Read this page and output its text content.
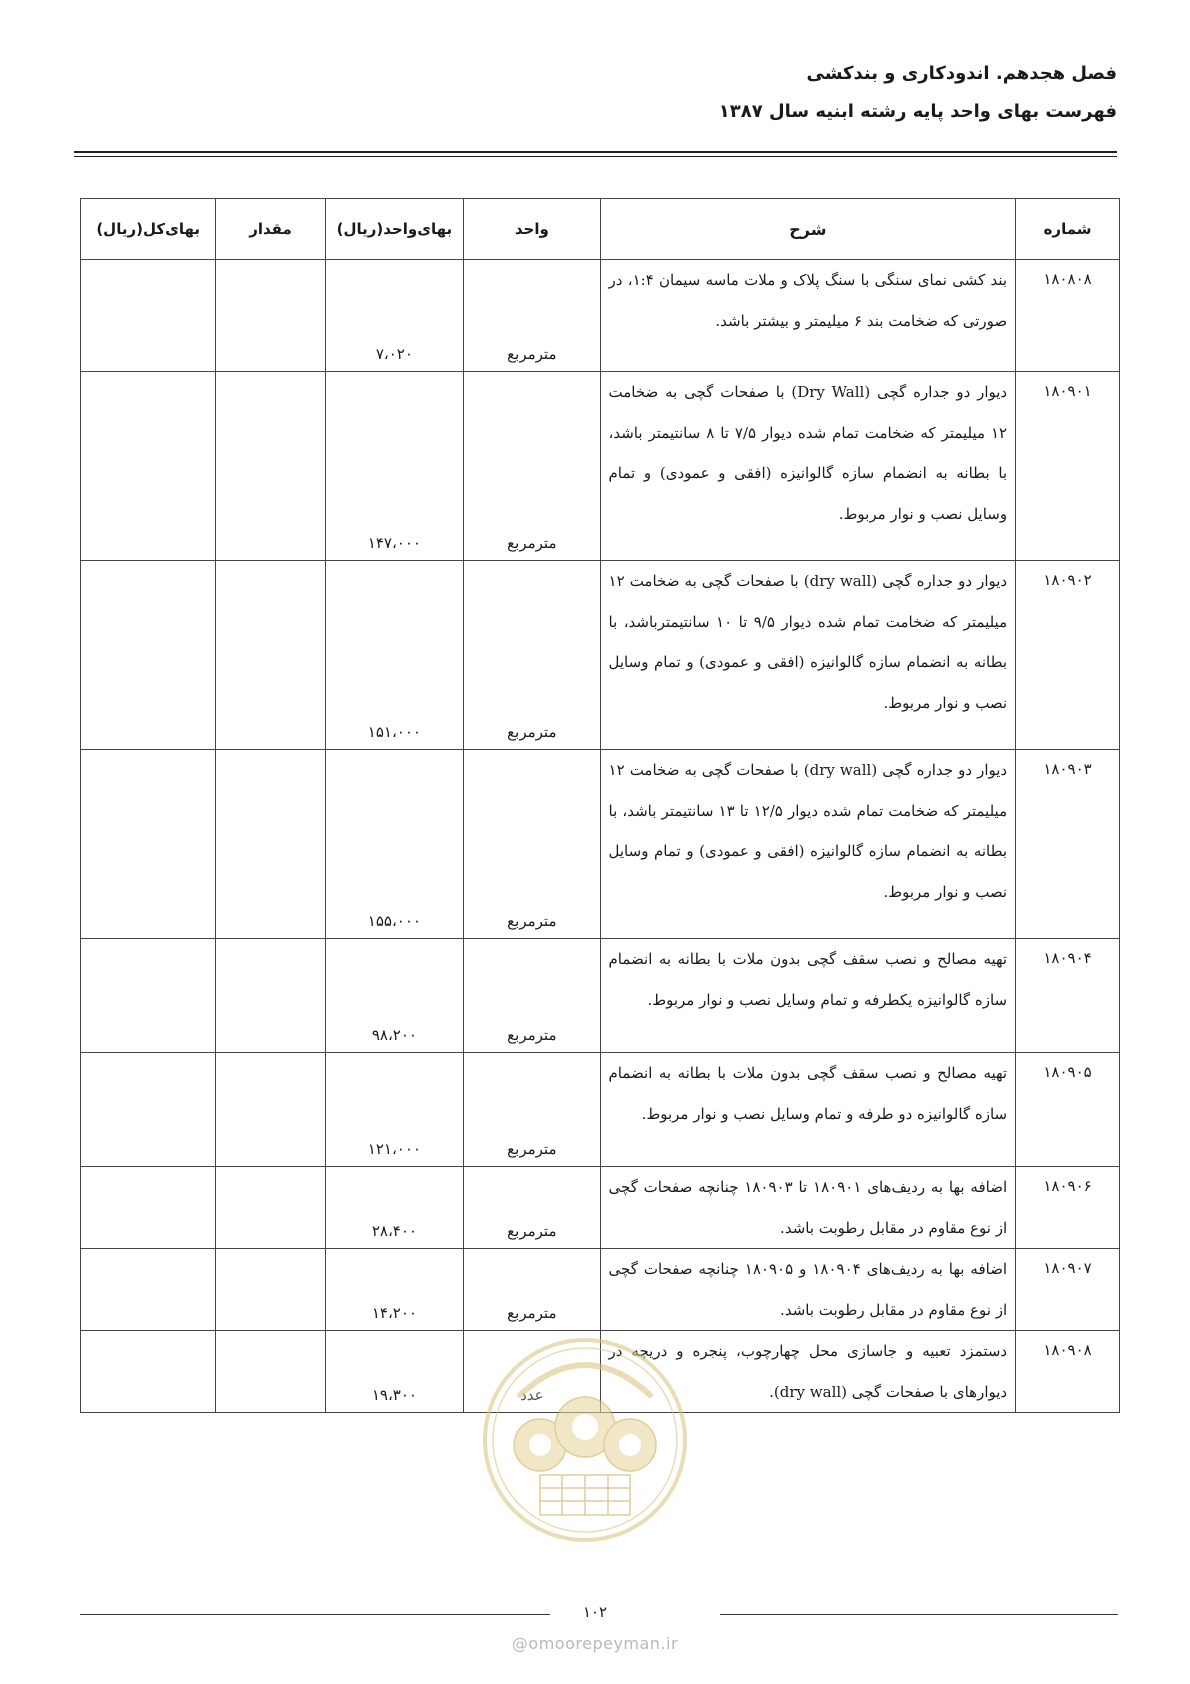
فصل هجدهم. اندودکاری و بندکشی
فهرست بهای واحد پایه رشته ابنیه سال ۱۳۸۷
شماره	شرح	واحد	بهای‌واحد(ریال)	مقدار	بهای‌کل(ریال)
۱۸۰۸۰۸	بند کشی نمای سنگی با سنگ پلاک و ملات ماسه سیمان ۱:۴، در صورتی که ضخامت بند ۶ میلیمتر و بیشتر باشد.	مترمربع	۷،۰۲۰		
۱۸۰۹۰۱	دیوار دو جداره گچی (Dry Wall) با صفحات گچی به ضخامت ۱۲ میلیمتر که ضخامت تمام شده دیوار ۷/۵ تا ۸ سانتیمتر باشد، با بطانه به انضمام سازه گالوانیزه (افقی و عمودی) و تمام وسایل نصب و نوار مربوط.	مترمربع	۱۴۷،۰۰۰		
۱۸۰۹۰۲	دیوار دو جداره گچی (dry wall) با صفحات گچی به ضخامت ۱۲ میلیمتر که ضخامت تمام شده دیوار ۹/۵ تا ۱۰ سانتیمترباشد، با بطانه به انضمام سازه گالوانیزه (افقی و عمودی) و تمام وسایل نصب و نوار مربوط.	مترمربع	۱۵۱،۰۰۰		
۱۸۰۹۰۳	دیوار دو جداره گچی (dry wall) با صفحات گچی به ضخامت ۱۲ میلیمتر که ضخامت تمام شده دیوار ۱۲/۵ تا ۱۳ سانتیمتر باشد، با بطانه به انضمام سازه گالوانیزه (افقی و عمودی) و تمام وسایل نصب و نوار مربوط.	مترمربع	۱۵۵،۰۰۰		
۱۸۰۹۰۴	تهیه مصالح و نصب سقف گچی بدون ملات با بطانه به انضمام سازه گالوانیزه یکطرفه و تمام وسایل نصب و نوار مربوط.	مترمربع	۹۸،۲۰۰		
۱۸۰۹۰۵	تهیه مصالح و نصب سقف گچی بدون ملات با بطانه به انضمام سازه گالوانیزه دو طرفه و تمام وسایل نصب و نوار مربوط.	مترمربع	۱۲۱،۰۰۰		
۱۸۰۹۰۶	اضافه بها به ردیف‌های ۱۸۰۹۰۱ تا ۱۸۰۹۰۳ چنانچه صفحات گچی از نوع مقاوم در مقابل رطوبت باشد.	مترمربع	۲۸،۴۰۰		
۱۸۰۹۰۷	اضافه بها به ردیف‌های ۱۸۰۹۰۴ و ۱۸۰۹۰۵ چنانچه صفحات گچی از نوع مقاوم در مقابل رطوبت باشد.	مترمربع	۱۴،۲۰۰		
۱۸۰۹۰۸	دستمزد تعبیه و جاسازی محل چهارچوب، پنجره و دریچه در دیوارهای با صفحات گچی (dry wall).	عدد	۱۹،۳۰۰		
۱۰۲
@omoorepeyman.ir
